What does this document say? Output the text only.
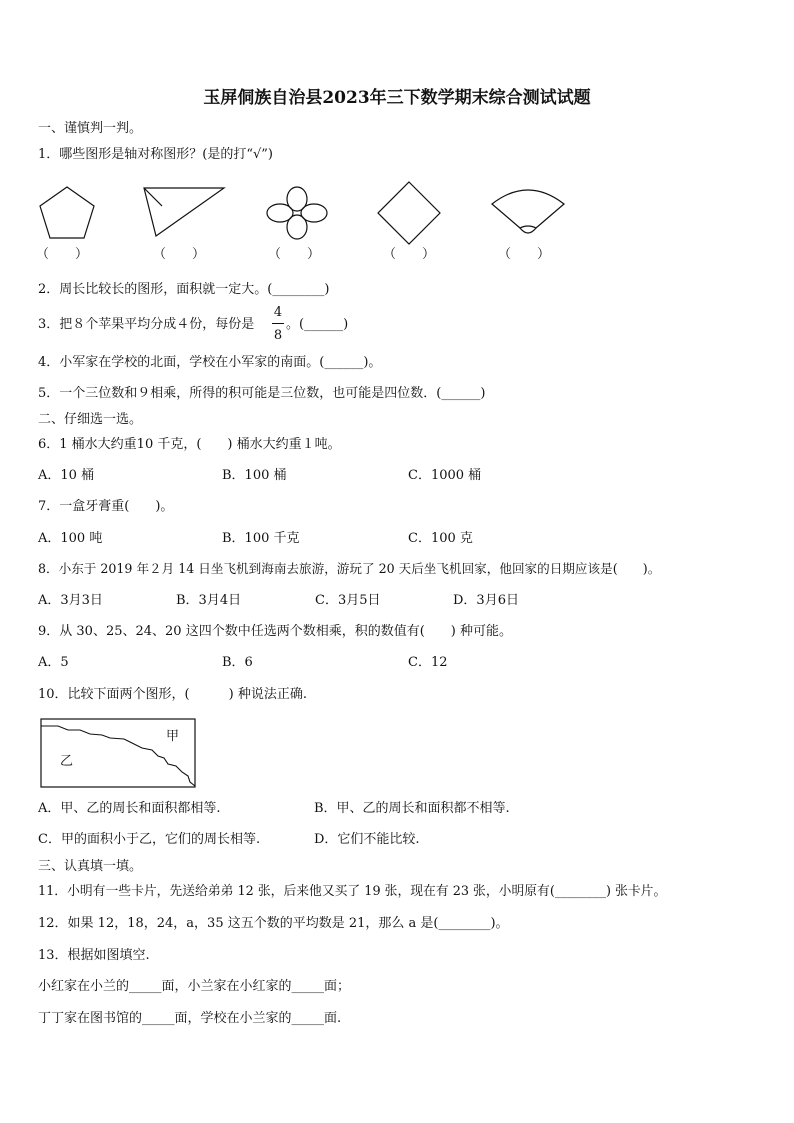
玉屏侗族自治县2023年三下数学期末综合测试试题
一、谨慎判一判。
1．哪些图形是轴对称图形？(是的打“√”)
（　　）	（　　）	（　　）	（　　）	（　　）
2．周长比较长的图形，面积就一定大。(________)
3．把８个苹果平均分成４份，每份是
4
8
。(______)
4．小军家在学校的北面，学校在小军家的南面。(______)。
5．一个三位数和９相乘，所得的积可能是三位数，也可能是四位数．(______)
二、仔细选一选。
6．1 桶水大约重10 千克，(　　) 桶水大约重１吨。
A．10 桶	B．100 桶	C．1000 桶
7．一盒牙膏重(　　)。
A．100 吨	B．100 千克	C．100 克
8．小东于 2019 年２月 14 日坐飞机到海南去旅游，游玩了 20 天后坐飞机回家，他回家的日期应该是(　　)。
A．3月3日	B．3月4日	C．3月5日	D．3月6日
9．从 30、25、24、20 这四个数中任选两个数相乘，积的数值有(　　) 种可能。
A．5	B．6	C．12
10．比较下面两个图形，(　　　) 种说法正确.
甲
乙
A．甲、乙的周长和面积都相等.	B．甲、乙的周长和面积都不相等.
C．甲的面积小于乙，它们的周长相等.	D．它们不能比较.
三、认真填一填。
11．小明有一些卡片，先送给弟弟 12 张，后来他又买了 19 张，现在有 23 张，小明原有(________) 张卡片。
12．如果 12，18，24，a，35 这五个数的平均数是 21，那么 a 是(________)。
13．根据如图填空.
小红家在小兰的_____面，小兰家在小红家的_____面；
丁丁家在图书馆的_____面，学校在小兰家的_____面.
